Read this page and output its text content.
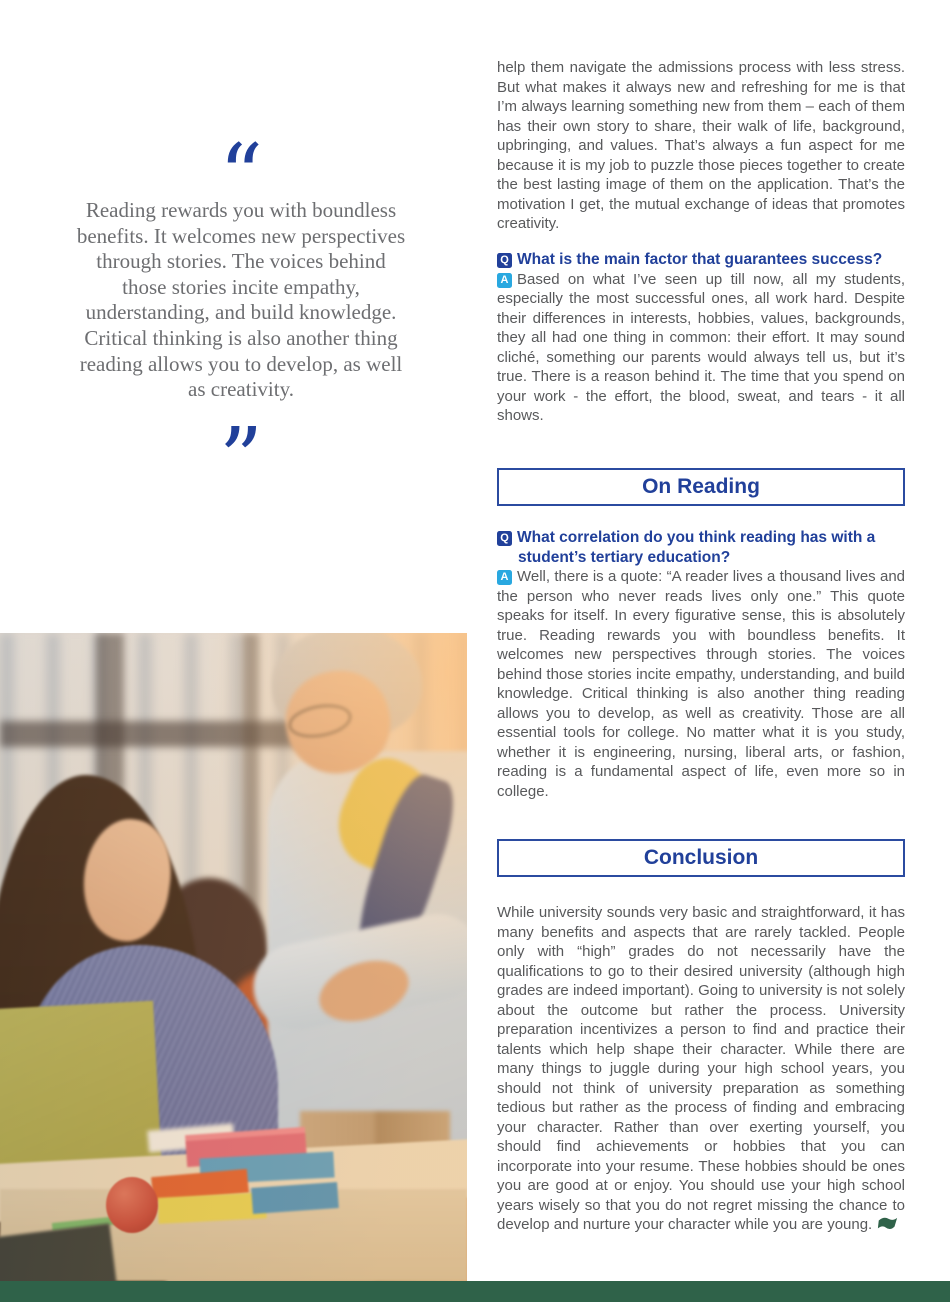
“

Reading rewards you with boundless benefits. It welcomes new perspectives through stories. The voices behind those stories incite empathy, understanding, and build knowledge. Critical thinking is also another thing reading allows you to develop, as well as creativity.

”

help them navigate the admissions process with less stress. But what makes it always new and refreshing for me is that I’m always learning something new from them – each of them has their own story to share, their walk of life, background, upbringing, and values. That’s always a fun aspect for me because it is my job to puzzle those pieces together to create the best lasting image of them on the application. That’s the motivation I get, the mutual exchange of ideas that promotes creativity.

Q What is the main factor that guarantees success?

A Based on what I’ve seen up till now, all my students, especially the most successful ones, all work hard. Despite their differences in interests, hobbies, values, backgrounds, they all had one thing in common: their effort. It may sound cliché, something our parents would always tell us, but it’s true. There is a reason behind it. The time that you spend on your work - the effort, the blood, sweat, and tears - it all shows.

On Reading

Q What correlation do you think reading has with a student’s tertiary education?

A Well, there is a quote: “A reader lives a thousand lives and the person who never reads lives only one.” This quote speaks for itself. In every figurative sense, this is absolutely true. Reading rewards you with boundless benefits. It welcomes new perspectives through stories. The voices behind those stories incite empathy, understanding, and build knowledge. Critical thinking is also another thing reading allows you to develop, as well as creativity. Those are all essential tools for college. No matter what it is you study, whether it is engineering, nursing, liberal arts, or fashion, reading is a fundamental aspect of life, even more so in college.

Conclusion

While university sounds very basic and straightforward, it has many benefits and aspects that are rarely tackled. People only with “high” grades do not necessarily have the qualifications to go to their desired university (although high grades are indeed important). Going to university is not solely about the outcome but rather the process. University preparation incentivizes a person to find and practice their talents which help shape their character. While there are many things to juggle during your high school years, you should not think of university preparation as something tedious but rather as the process of finding and embracing your character. Rather than over exerting yourself, you should find achievements or hobbies that you can incorporate into your resume. These hobbies should be ones you are good at or enjoy. You should use your high school years wisely so that you do not regret missing the chance to develop and nurture your character while you are young.
